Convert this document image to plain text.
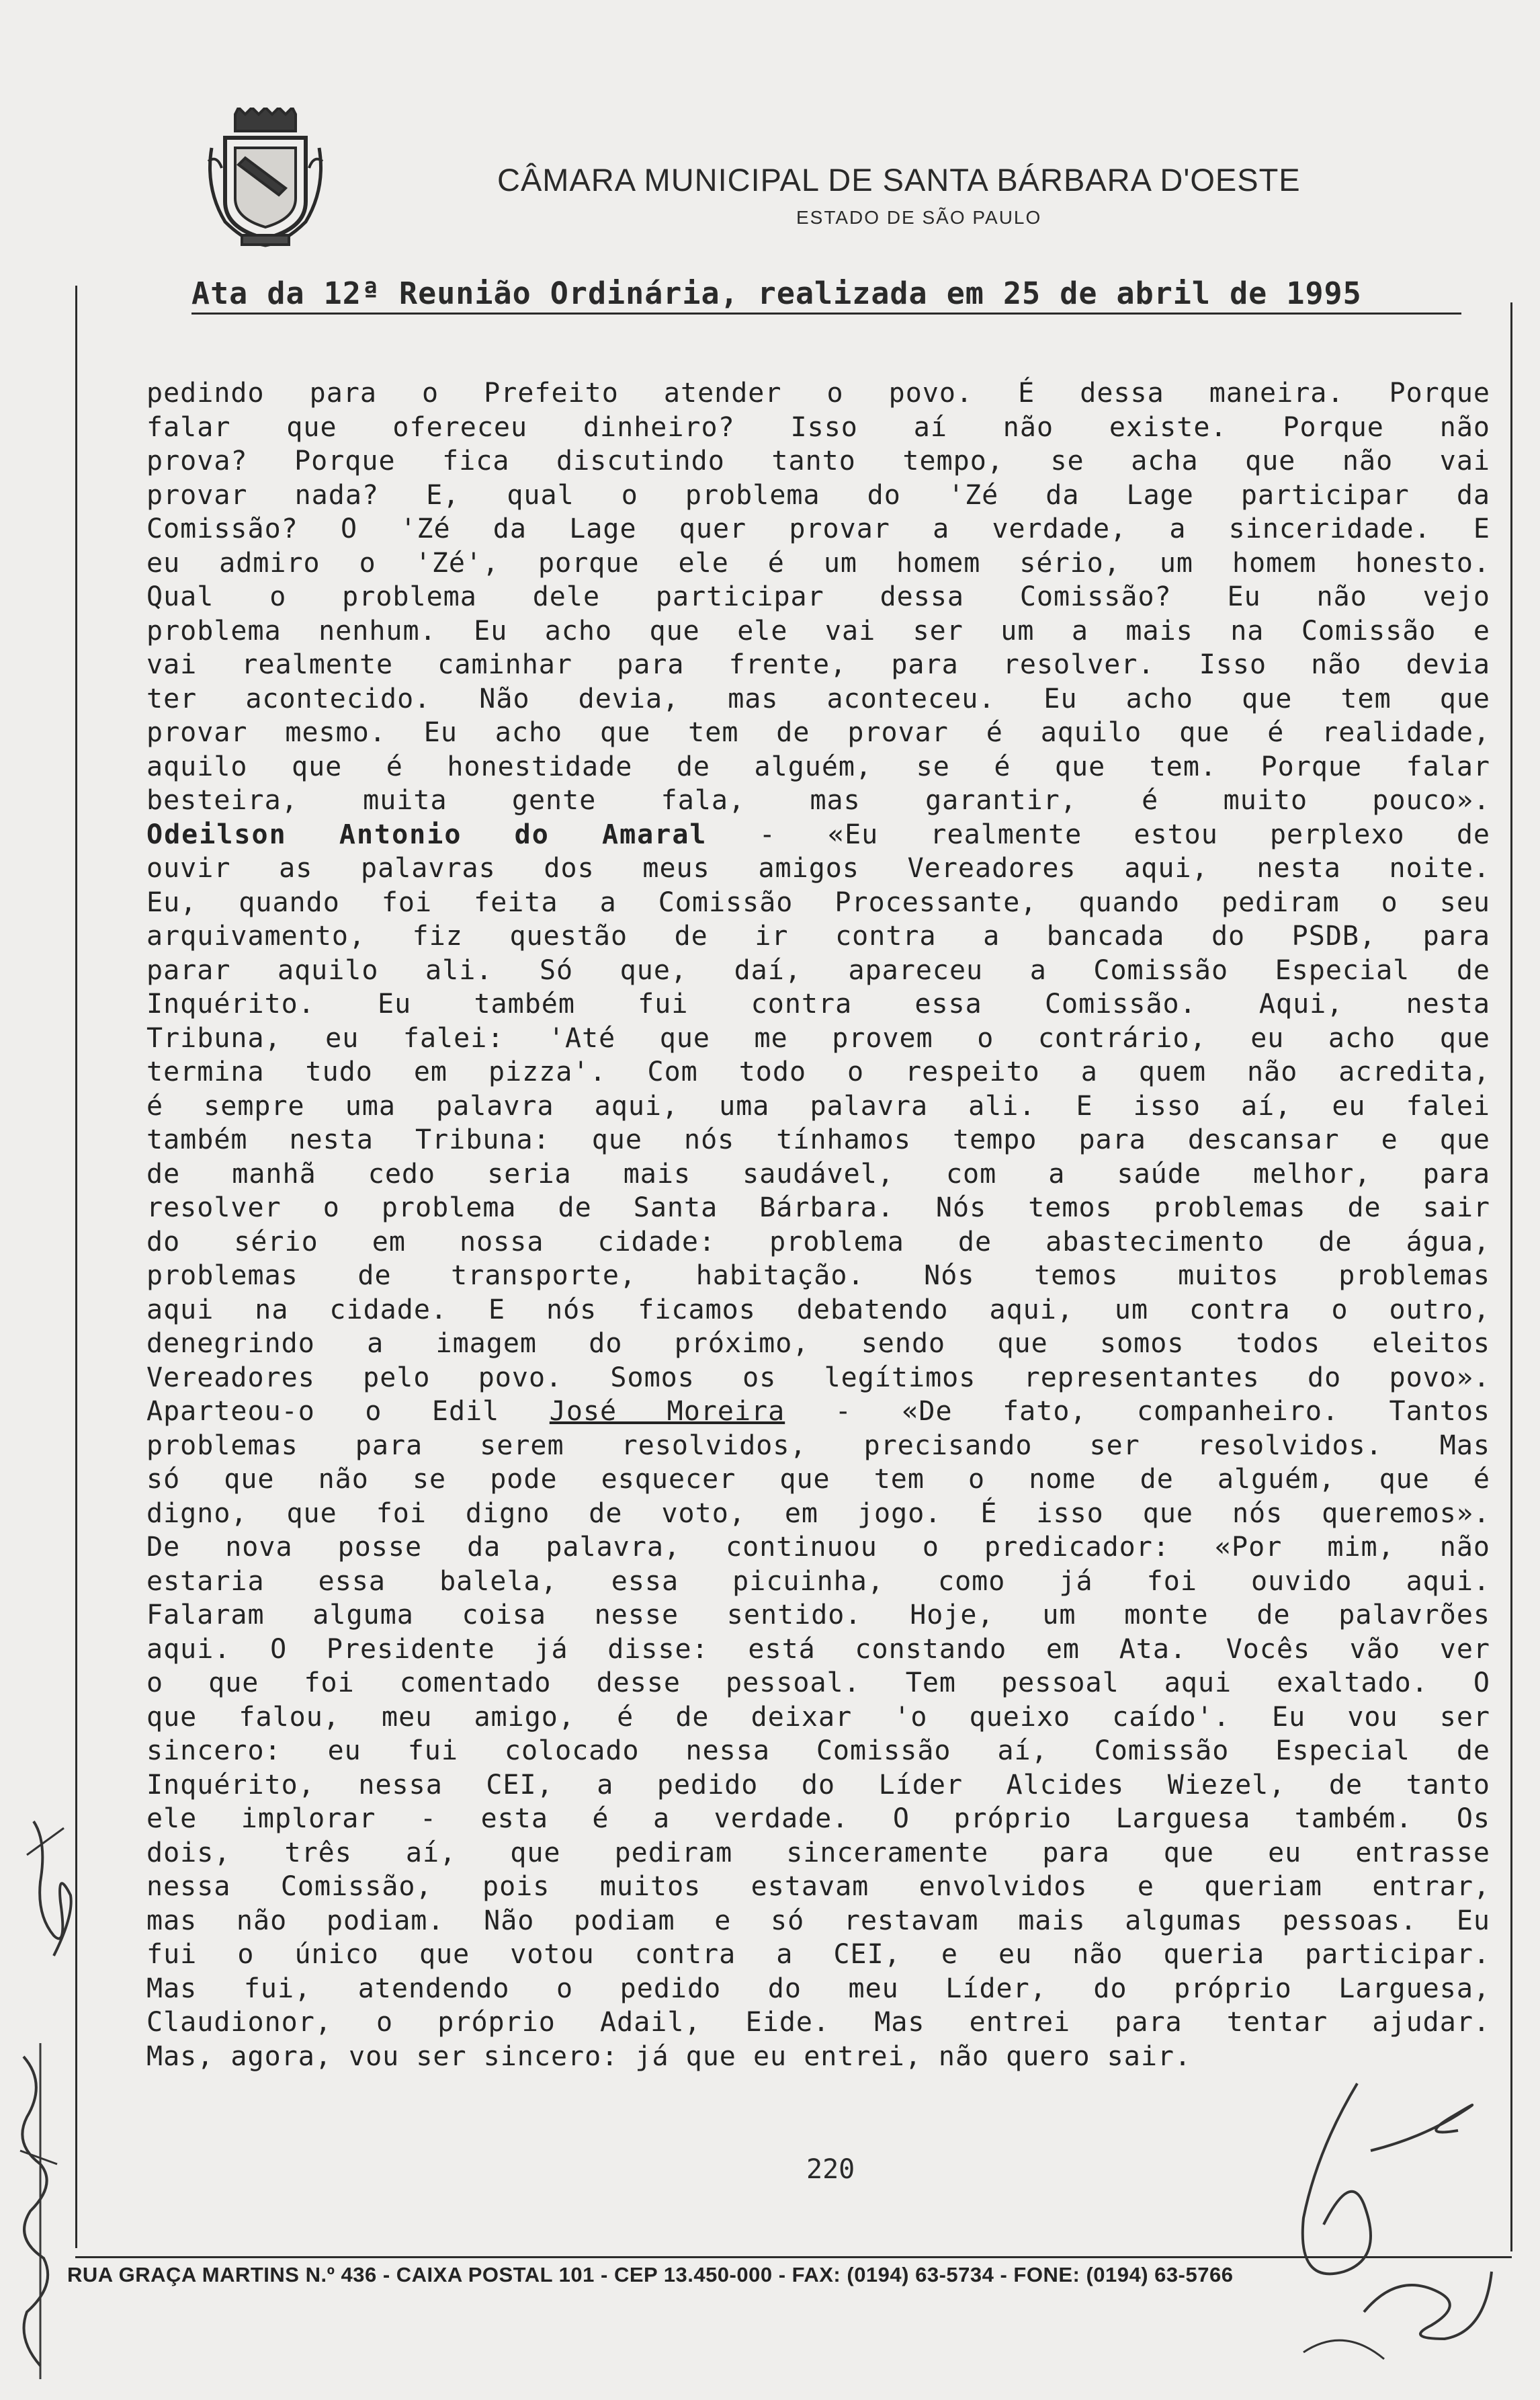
CÂMARA MUNICIPAL DE SANTA BÁRBARA D'OESTE
ESTADO DE SÃO PAULO
Ata da 12ª Reunião Ordinária, realizada em 25 de abril de 1995
pedindo para o Prefeito atender o povo. É dessa maneira. Porque
falar que ofereceu dinheiro? Isso aí não existe. Porque não
prova? Porque fica discutindo tanto tempo, se acha que não vai
provar nada? E, qual o problema do 'Zé da Lage participar da
Comissão? O 'Zé da Lage quer provar a verdade, a sinceridade. E
eu admiro o 'Zé', porque ele é um homem sério, um homem honesto.
Qual o problema dele participar dessa Comissão? Eu não vejo
problema nenhum. Eu acho que ele vai ser um a mais na Comissão e
vai realmente caminhar para frente, para resolver. Isso não devia
ter acontecido. Não devia, mas aconteceu. Eu acho que tem que
provar mesmo. Eu acho que tem de provar é aquilo que é realidade,
aquilo que é honestidade de alguém, se é que tem. Porque falar
besteira, muita gente fala, mas garantir, é muito pouco».
Odeilson Antonio do Amaral - «Eu realmente estou perplexo de
ouvir as palavras dos meus amigos Vereadores aqui, nesta noite.
Eu, quando foi feita a Comissão Processante, quando pediram o seu
arquivamento, fiz questão de ir contra a bancada do PSDB, para
parar aquilo ali. Só que, daí, apareceu a Comissão Especial de
Inquérito. Eu também fui contra essa Comissão. Aqui, nesta
Tribuna, eu falei: 'Até que me provem o contrário, eu acho que
termina tudo em pizza'. Com todo o respeito a quem não acredita,
é sempre uma palavra aqui, uma palavra ali. E isso aí, eu falei
também nesta Tribuna: que nós tínhamos tempo para descansar e que
de manhã cedo seria mais saudável, com a saúde melhor, para
resolver o problema de Santa Bárbara. Nós temos problemas de sair
do sério em nossa cidade: problema de abastecimento de água,
problemas de transporte, habitação. Nós temos muitos problemas
aqui na cidade. E nós ficamos debatendo aqui, um contra o outro,
denegrindo a imagem do próximo, sendo que somos todos eleitos
Vereadores pelo povo. Somos os legítimos representantes do povo».
Aparteou-o o Edil José Moreira - «De fato, companheiro. Tantos
problemas para serem resolvidos, precisando ser resolvidos. Mas
só que não se pode esquecer que tem o nome de alguém, que é
digno, que foi digno de voto, em jogo. É isso que nós queremos».
De nova posse da palavra, continuou o predicador: «Por mim, não
estaria essa balela, essa picuinha, como já foi ouvido aqui.
Falaram alguma coisa nesse sentido. Hoje, um monte de palavrões
aqui. O Presidente já disse: está constando em Ata. Vocês vão ver
o que foi comentado desse pessoal. Tem pessoal aqui exaltado. O
que falou, meu amigo, é de deixar 'o queixo caído'. Eu vou ser
sincero: eu fui colocado nessa Comissão aí, Comissão Especial de
Inquérito, nessa CEI, a pedido do Líder Alcides Wiezel, de tanto
ele implorar - esta é a verdade. O próprio Larguesa também. Os
dois, três aí, que pediram sinceramente para que eu entrasse
nessa Comissão, pois muitos estavam envolvidos e queriam entrar,
mas não podiam. Não podiam e só restavam mais algumas pessoas. Eu
fui o único que votou contra a CEI, e eu não queria participar.
Mas fui, atendendo o pedido do meu Líder, do próprio Larguesa,
Claudionor, o próprio Adail, Eide. Mas entrei para tentar ajudar.
Mas, agora, vou ser sincero: já que eu entrei, não quero sair.
220
RUA GRAÇA MARTINS N.º 436 - CAIXA POSTAL 101 - CEP 13.450-000 - FAX: (0194) 63-5734 - FONE: (0194) 63-5766
